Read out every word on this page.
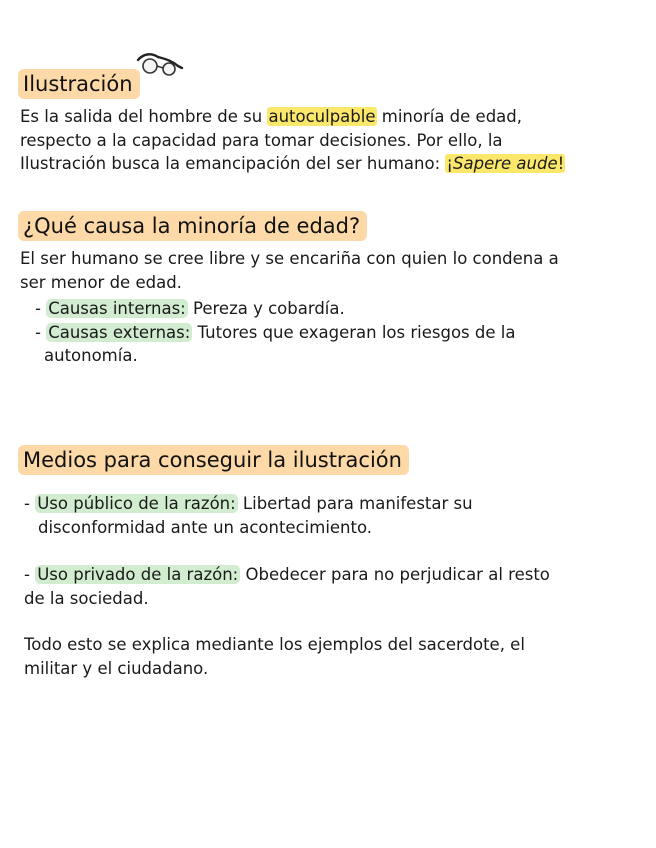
Ilustración

Es la salida del hombre de su autoculpable minoría de edad,
respecto a la capacidad para tomar decisiones. Por ello, la
Ilustración busca la emancipación del ser humano: ¡Sapere aude!

¿Qué causa la minoría de edad?

El ser humano se cree libre y se encariña con quien lo condena a
ser menor de edad.

- Causas internas: Pereza y cobardía.
- Causas externas: Tutores que exageran los riesgos de la
autonomía.

Medios para conseguir la ilustración

- Uso público de la razón: Libertad para manifestar su
disconformidad ante un acontecimiento.

- Uso privado de la razón: Obedecer para no perjudicar al resto
de la sociedad.

Todo esto se explica mediante los ejemplos del sacerdote, el
militar y el ciudadano.
